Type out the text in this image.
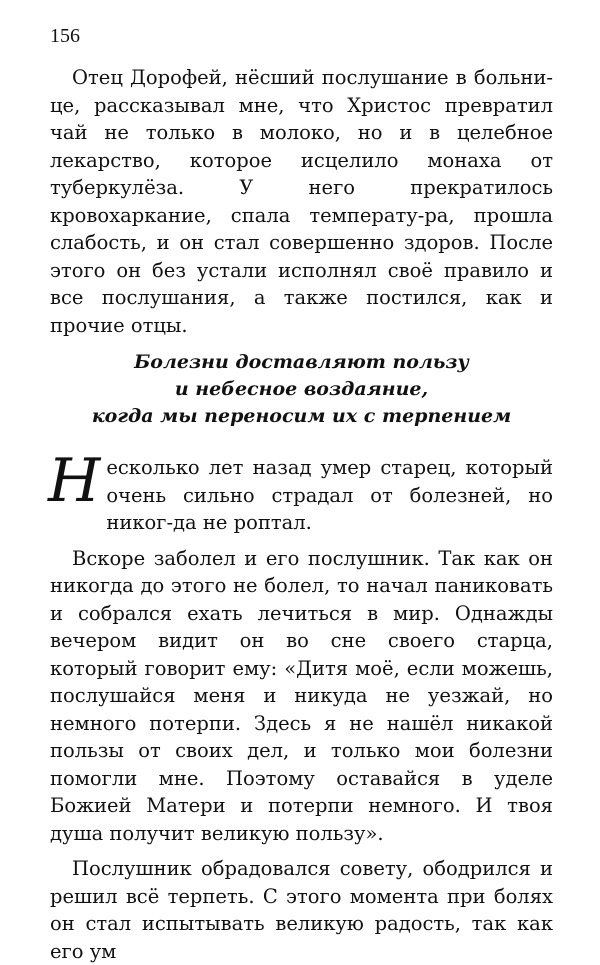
156

Отец Дорофей, нёсший послушание в больни-це, рассказывал мне, что Христос превратил чай не только в молоко, но и в целебное лекарство, которое исцелило монаха от туберкулёза. У него прекратилось кровохаркание, спала температу-ра, прошла слабость, и он стал совершенно здоров. После этого он без устали исполнял своё правило и все послушания, а также постился, как и прочие отцы.

Болезни доставляют пользу
и небесное воздаяние,
когда мы переносим их с терпением

Несколько лет назад умер старец, который очень сильно страдал от болезней, но никог-да не роптал.

Вскоре заболел и его послушник. Так как он никогда до этого не болел, то начал паниковать и собрался ехать лечиться в мир. Однажды вечером видит он во сне своего старца, который говорит ему: «Дитя моё, если можешь, послушайся меня и никуда не уезжай, но немного потерпи. Здесь я не нашёл никакой пользы от своих дел, и только мои болезни помогли мне. Поэтому оставайся в уделе Божией Матери и потерпи немного. И твоя душа получит великую пользу».

Послушник обрадовался совету, ободрился и решил всё терпеть. С этого момента при болях он стал испытывать великую радость, так как его ум
